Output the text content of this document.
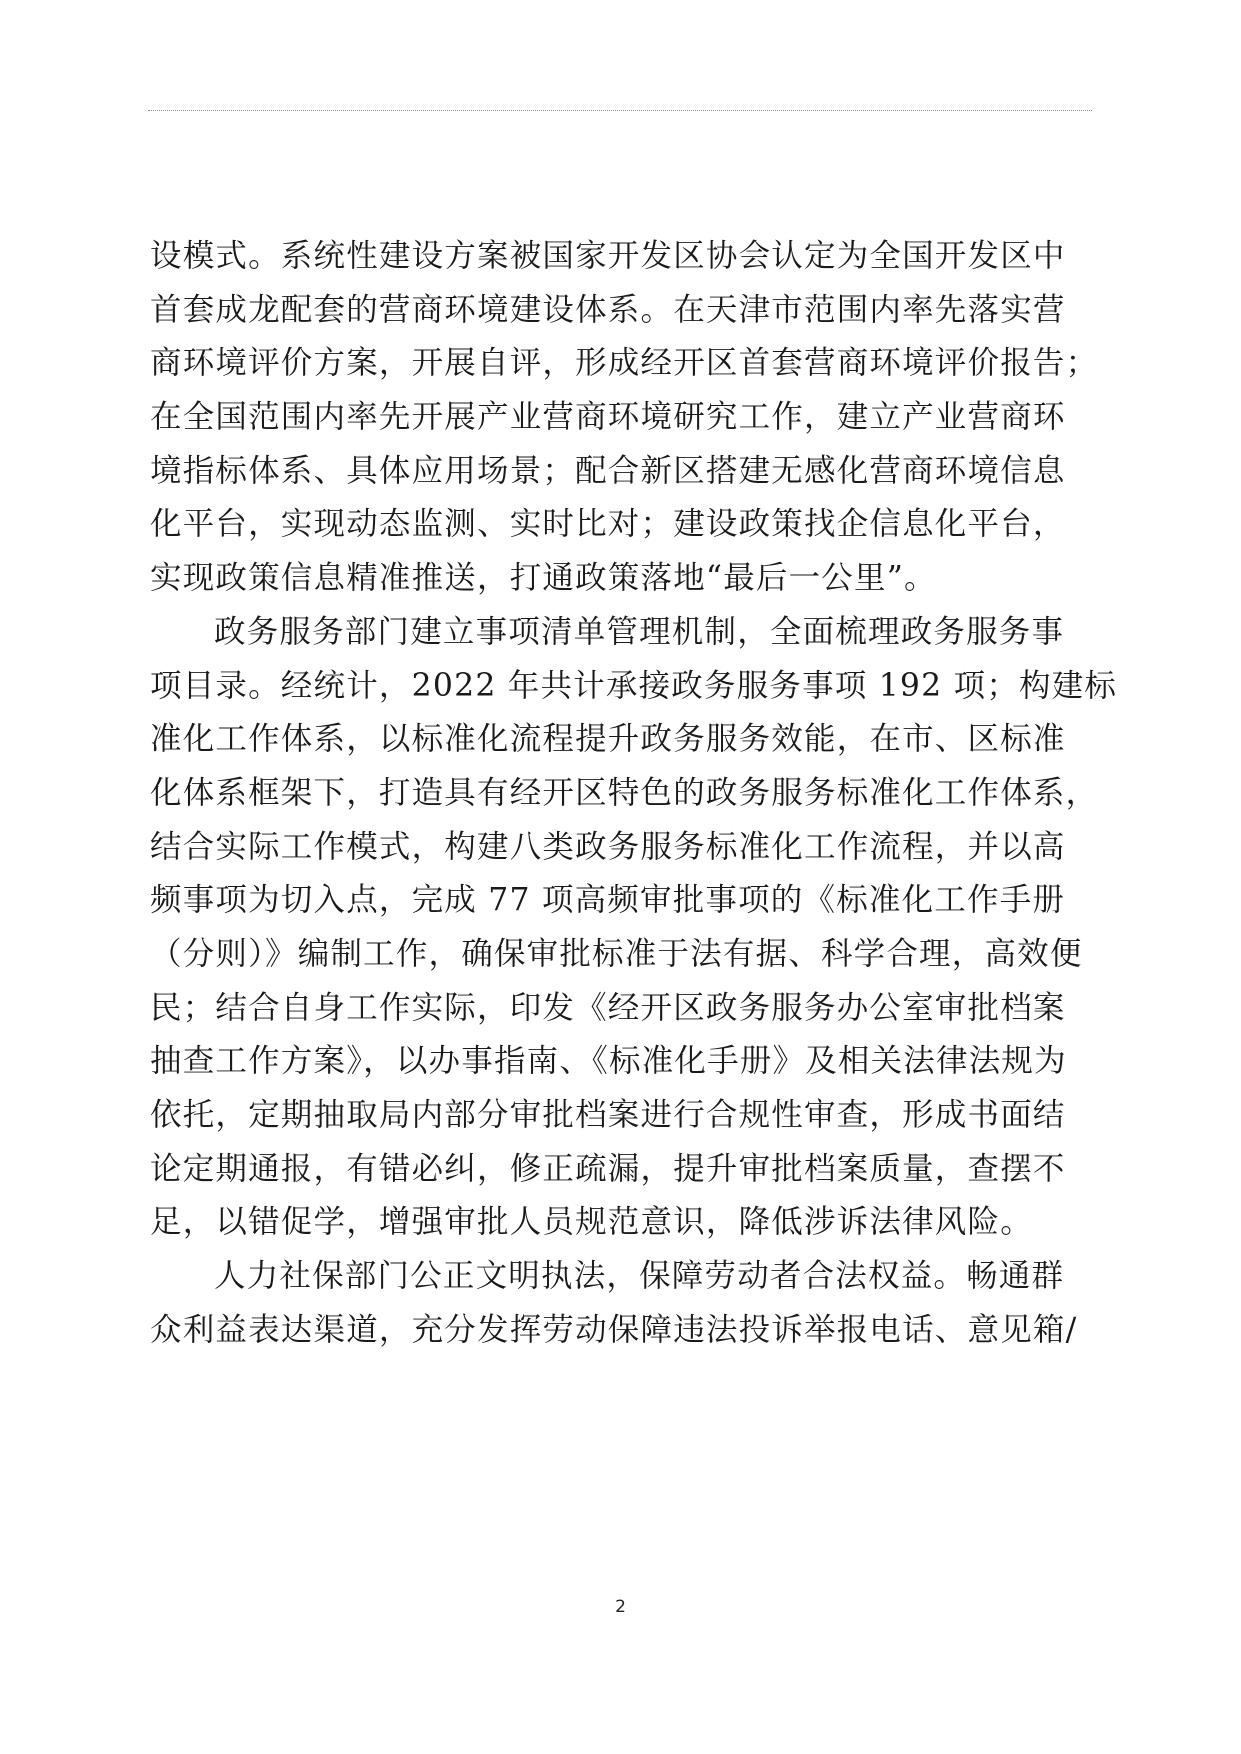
设模式。系统性建设方案被国家开发区协会认定为全国开发区中
首套成龙配套的营商环境建设体系。在天津市范围内率先落实营
商环境评价方案，开展自评，形成经开区首套营商环境评价报告；
在全国范围内率先开展产业营商环境研究工作，建立产业营商环
境指标体系、具体应用场景；配合新区搭建无感化营商环境信息
化平台，实现动态监测、实时比对；建设政策找企信息化平台，
实现政策信息精准推送，打通政策落地“最后一公里”。
政务服务部门建立事项清单管理机制，全面梳理政务服务事
项目录。经统计，2022 年共计承接政务服务事项 192 项；构建标
准化工作体系，以标准化流程提升政务服务效能，在市、区标准
化体系框架下，打造具有经开区特色的政务服务标准化工作体系，
结合实际工作模式，构建八类政务服务标准化工作流程，并以高
频事项为切入点，完成 77 项高频审批事项的《标准化工作手册
（分则）》编制工作，确保审批标准于法有据、科学合理，高效便
民；结合自身工作实际，印发《经开区政务服务办公室审批档案
抽查工作方案》，以办事指南、《标准化手册》及相关法律法规为
依托，定期抽取局内部分审批档案进行合规性审查，形成书面结
论定期通报，有错必纠，修正疏漏，提升审批档案质量，查摆不
足，以错促学，增强审批人员规范意识，降低涉诉法律风险。
人力社保部门公正文明执法，保障劳动者合法权益。畅通群
众利益表达渠道，充分发挥劳动保障违法投诉举报电话、意见箱/
2
